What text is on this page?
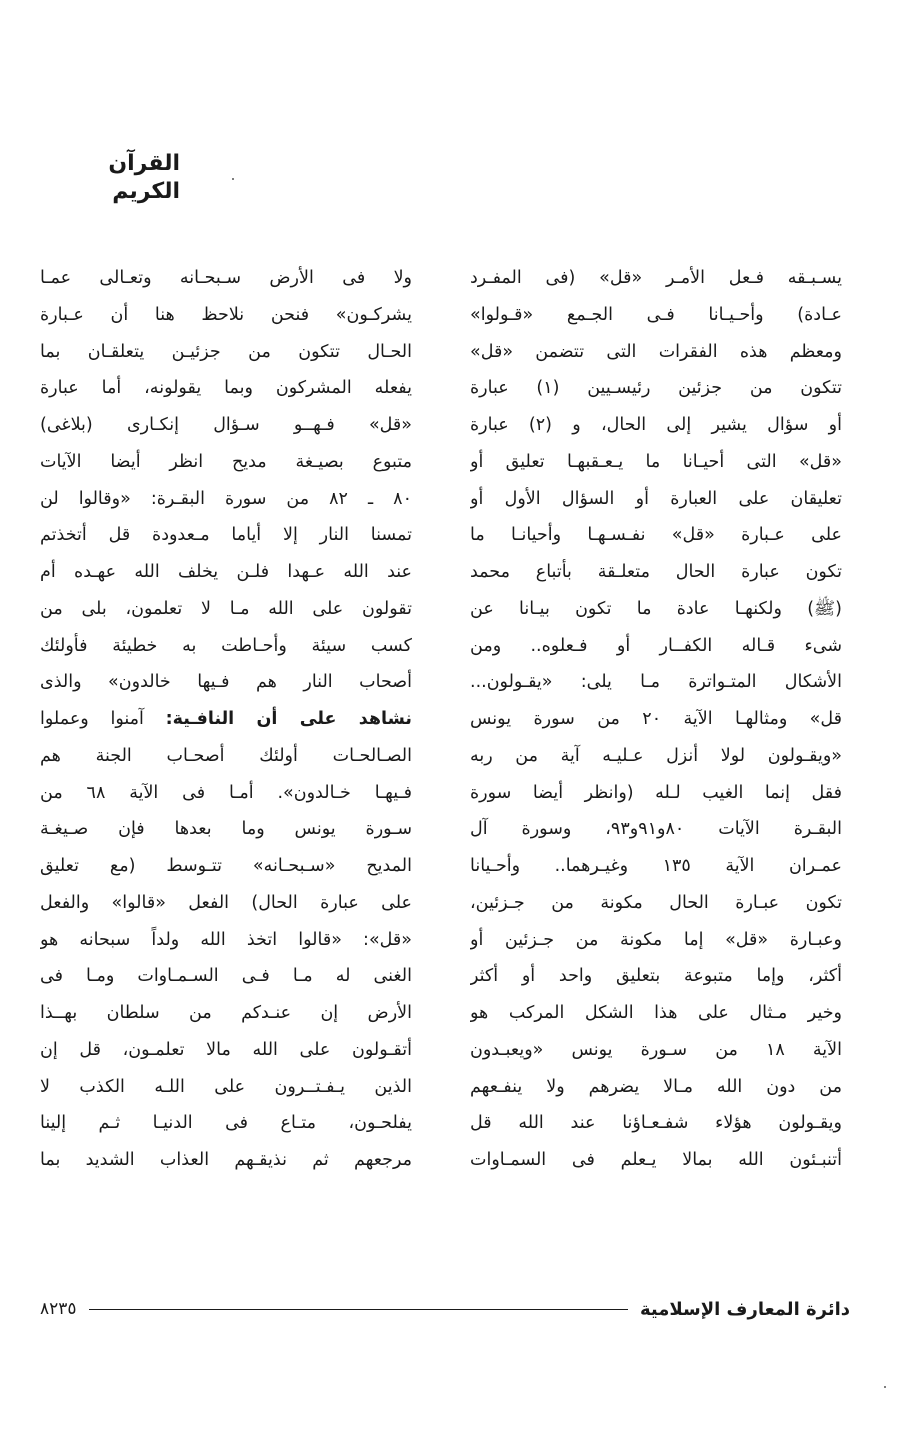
القرآن الكريم
يسـبـقه فـعل الأمـر «قل» (فى المفـرد
عـادة) وأحـيـانا فـى الجـمع «قـولوا»
ومعظم هذه الفقرات التى تتضمن «قل»
تتكون من جزئين رئيسـيين (١) عبارة
أو سؤال يشير إلى الحال، و (٢) عبارة
«قل» التى أحيـانا ما يـعـقبهـا تعليق أو
تعليقان على العبارة أو السؤال الأول أو
على عـبارة «قل» نفـسـهـا وأحيانـا ما
تكون عبارة الحال متعلـقة بأتباع محمد
(ﷺ) ولكنهـا عادة ما تكون بيـانا عن
شىء قـاله الكفــار أو فـعلوه.. ومن
الأشكال المتـواترة مـا يلى: «يقـولون...
قل» ومثالهـا الآية ٢٠ من سورة يونس
«ويقـولون لولا أنزل عـليـه آية من ربه
فقل إنما الغيب لـله (وانظر أيضا سورة
البقـرة الآيات ٨٠و٩١و٩٣، وسورة آل
عمـران الآية ١٣٥ وغيـرهما.. وأحـيانا
تكون عبـارة الحال مكونة من جـزئين،
وعبـارة «قل» إما مكونة من جـزئين أو
أكثر، وإما متبوعة بتعليق واحد أو أكثر
وخير مـثال على هذا الشكل المركب هو
الآية ١٨ من سـورة يونس «ويعبـدون
من دون الله مـالا يضرهم ولا ينفـعهم
ويقـولون هؤلاء شفـعـاؤنا عند الله قل
أتنبـئون الله بمالا يـعلم فى السمـاوات
ولا فى الأرض سـبحـانه وتعـالى عمـا
يشركـون» فنحن نلاحظ هنا أن عـبارة
الحـال تتكون من جزئيـن يتعلقـان بما
يفعله المشركون وبما يقولونه، أما عبارة
«قل» فـهــو سـؤال إنكـارى (بلاغى)
متبوع بصيـغة مديح انظر أيضا الآيات
٨٠ ـ ٨٢ من سورة البقـرة: «وقالوا لن
تمسنا النار إلا أياما مـعدودة قل أتخذتم
عند الله عـهدا فلـن يخلف الله عهـده أم
تقولون على الله مـا لا تعلمون، بلى من
كسب سيئة وأحـاطت به خطيئة فأولئك
أصحاب النار هم فـيها خالدون» والذى
نشاهد على أن النافـية: آمنوا وعملوا
الصـالحـات أولئك أصحـاب الجنة هم
فـيهـا خـالدون». أمـا فى الآية ٦٨ من
سـورة يونس وما بعدها فإن صـيغـة
المديح «سـبحـانه» تتـوسط (مع تعليق
على عبارة الحال) الفعل «قالوا» والفعل
«قل»: «قالوا اتخذ الله ولداً سبحانه هو
الغنى له مـا فـى السـمـاوات ومـا فى
الأرض إن عنـدكم من سلطان بهــذا
أتقـولون على الله مالا تعلمـون، قل إن
الذين يـفـتــرون على اللـه الكذب لا
يفلحـون، متـاع فى الدنيـا ثـم إلينا
مرجعهم ثم نذيقـهم العذاب الشديد بما
دائرة المعارف الإسلامية
٨٢٣٥
